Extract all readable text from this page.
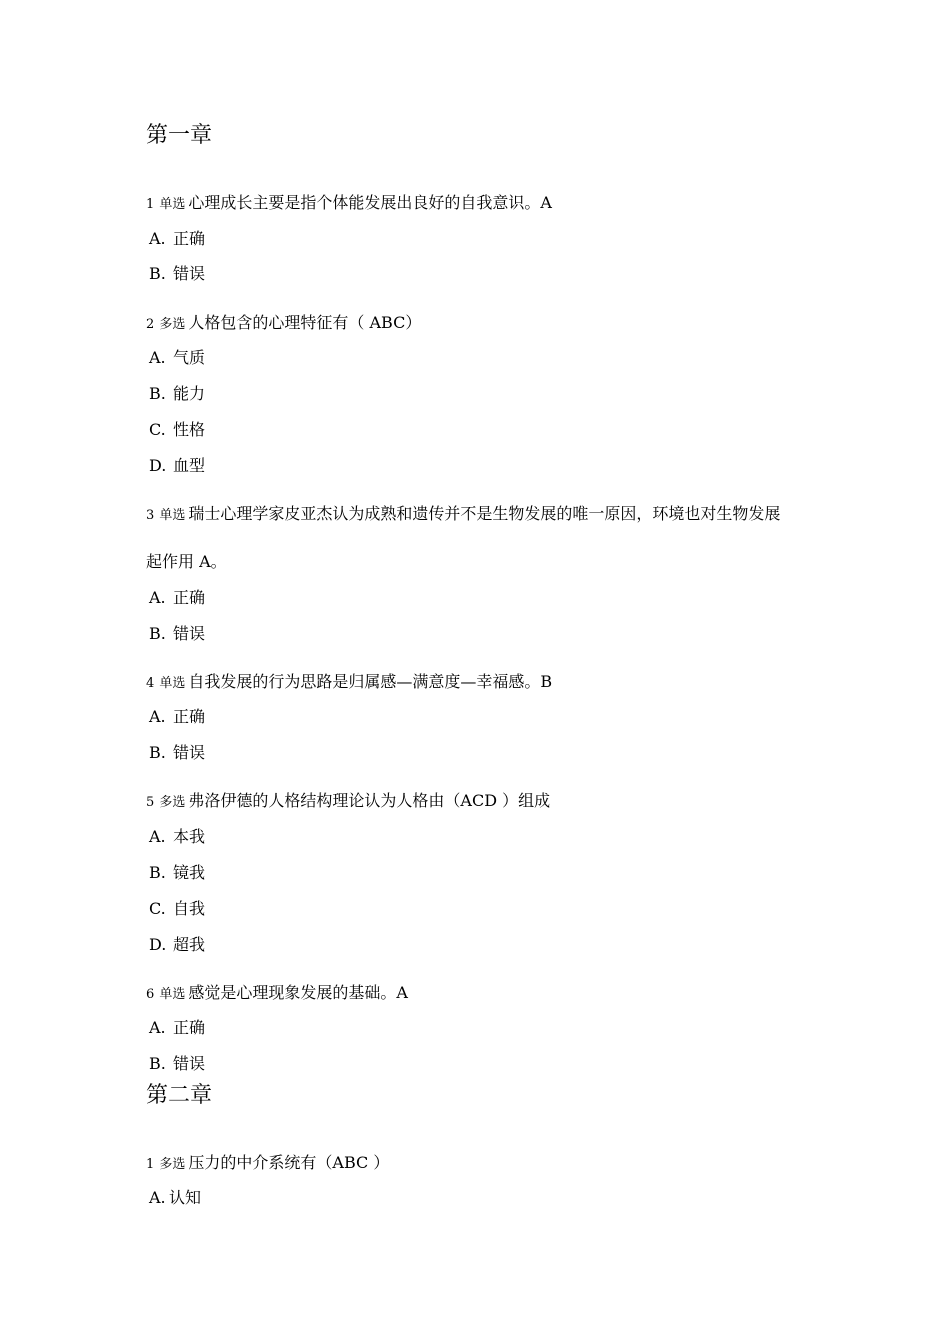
第一章
1 单选 心理成长主要是指个体能发展出良好的自我意识。A
A. 正确
B. 错误
2 多选 人格包含的心理特征有（ ABC）
A. 气质
B. 能力
C. 性格
D. 血型
3 单选 瑞士心理学家皮亚杰认为成熟和遗传并不是生物发展的唯一原因，环境也对生物发展
起作用 A。
A. 正确
B. 错误
4 单选 自我发展的行为思路是归属感—满意度—幸福感。B
A. 正确
B. 错误
5 多选 弗洛伊德的人格结构理论认为人格由（ACD ）组成
A. 本我
B. 镜我
C. 自我
D. 超我
6 单选 感觉是心理现象发展的基础。A
A. 正确
B. 错误
第二章
1 多选 压力的中介系统有（ABC ）
A. 认知
